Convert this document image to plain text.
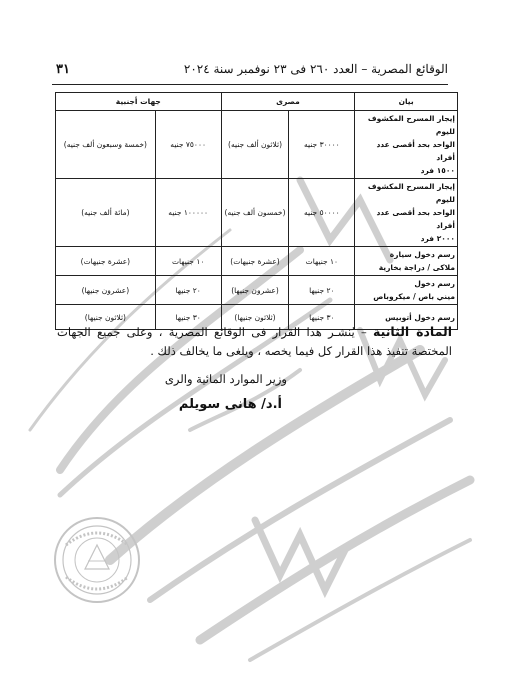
٣١	الوقائع المصرية – العدد ٢٦٠ فى ٢٣ نوفمبر سنة ٢٠٢٤
بيان	مصرى		جهات أجنبية	

إيجار المسرح المكشوف لليوم
الواحد بحد أقصى عدد أفراد
١٥٠٠ فرد	٣٠٠٠٠ جنيه	(ثلاثون ألف جنيه)	٧٥٠٠٠ جنيه	(خمسة وسبعون ألف جنيه)

إيجار المسرح المكشوف لليوم
الواحد بحد أقصى عدد أفراد
٢٠٠٠ فرد	٥٠٠٠٠ جنيه	(خمسون ألف جنيه)	١٠٠٠٠٠ جنيه	(مائة ألف جنيه)

رسم دخول سيارة
ملاكى / دراجة بخارية	١٠ جنيهات	(عشرة جنيهات)	١٠ جنيهات	(عشرة جنيهات)

رسم دخول
ميني باص / ميكروباص	٢٠ جنيها	(عشرون جنيها)	٢٠ جنيها	(عشرون جنيها)

رسم دخول أتوبيس	٣٠ جنيها	(ثلاثون جنيها)	٣٠ جنيها	(ثلاثون جنيها)
المادة الثانية – يُنشـر هذا القرار فى الوقائع المصرية ، وعلى جميع الجهات المختصة تنفيذ هذا القرار كل فيما يخصه ، ويلغى ما يخالف ذلك .
وزير الموارد المائية والرى
أ.د/ هانى سويلم
